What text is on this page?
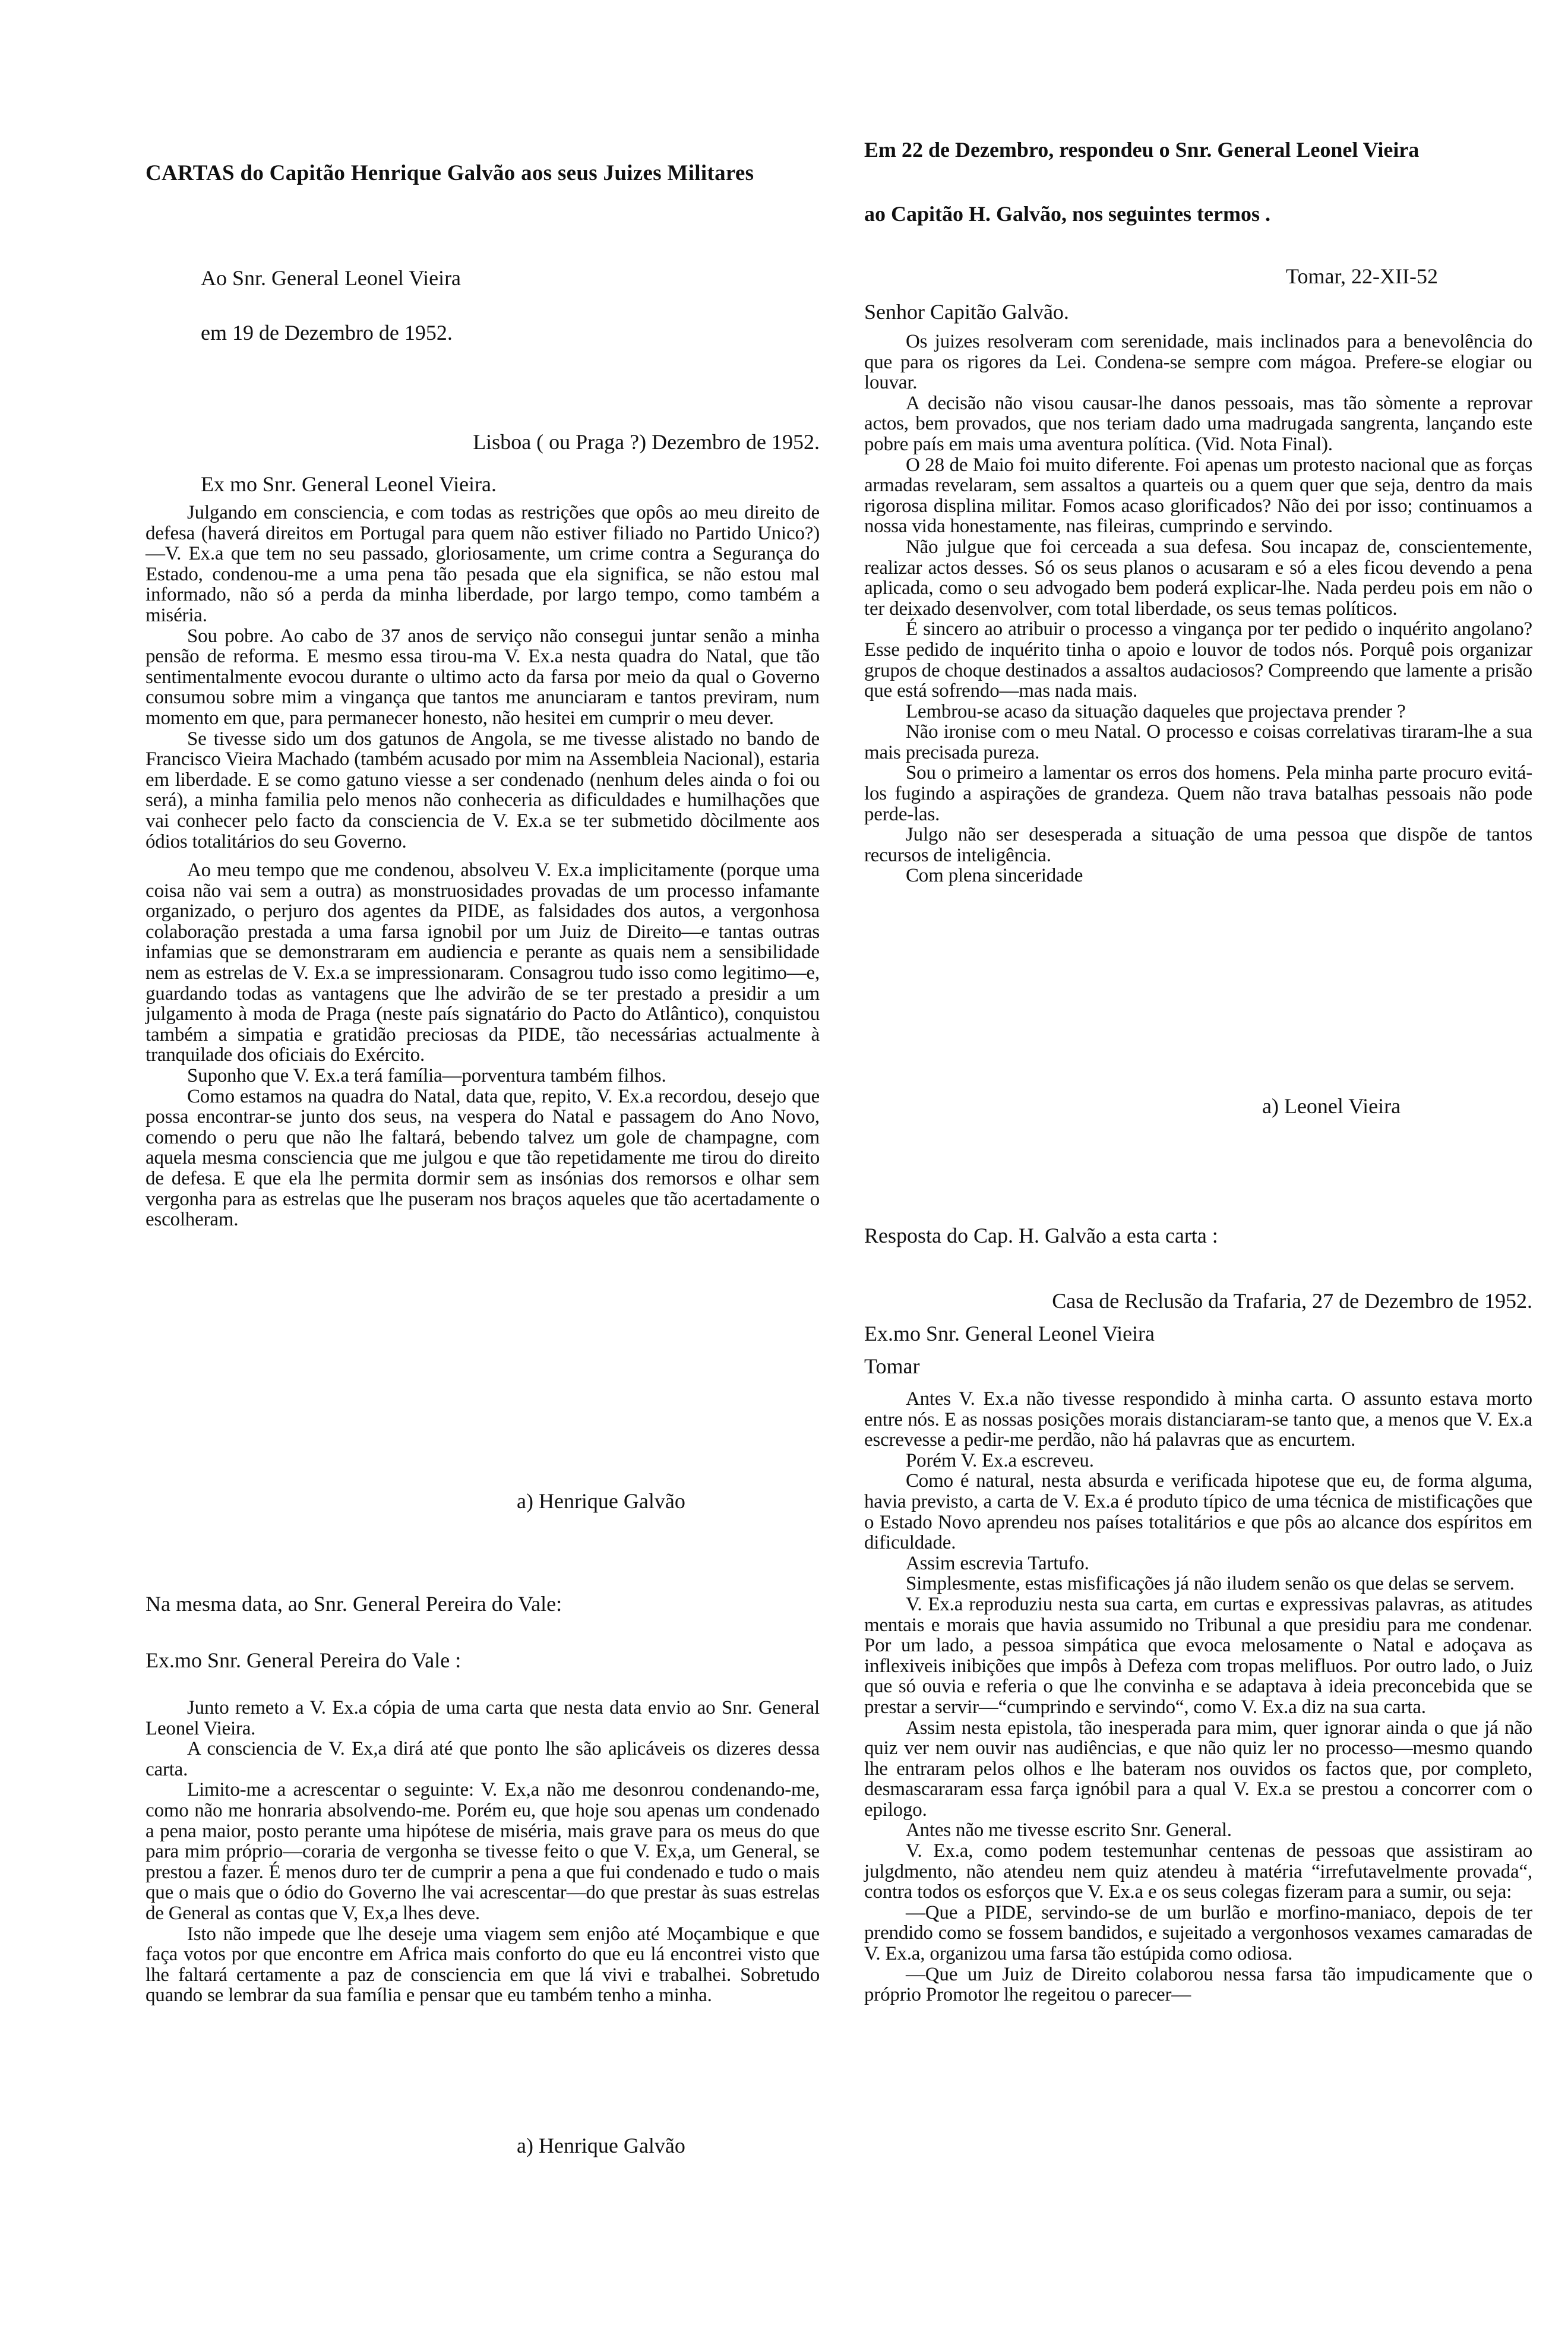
CARTAS do Capitão Henrique Galvão aos seus Juizes Militares
Ao Snr. General Leonel Vieira
em 19 de Dezembro de 1952.
Lisboa ( ou Praga ?) Dezembro de 1952.
Ex mo Snr. General Leonel Vieira.

Julgando em consciencia, e com todas as restrições que opôs ao meu direito de defesa (haverá direitos em Portugal para quem não estiver filiado no Partido Unico?)—V. Ex.a que tem no seu passado, gloriosamente, um crime contra a Segurança do Estado, condenou-me a uma pena tão pesada que ela significa, se não estou mal informado, não só a perda da minha liberdade, por largo tempo, como também a miséria.

Sou pobre. Ao cabo de 37 anos de serviço não consegui juntar senão a minha pensão de reforma. E mesmo essa tirou-ma V. Ex.a nesta quadra do Natal, que tão sentimentalmente evocou durante o ultimo acto da farsa por meio da qual o Governo consumou sobre mim a vingança que tantos me anunciaram e tantos previram, num momento em que, para permanecer honesto, não hesitei em cumprir o meu dever.

Se tivesse sido um dos gatunos de Angola, se me tivesse alistado no bando de Francisco Vieira Machado (também acusado por mim na Assembleia Nacional), estaria em liberdade. E se como gatuno viesse a ser condenado (nenhum deles ainda o foi ou será), a minha familia pelo menos não conheceria as dificuldades e humilhações que vai conhecer pelo facto da consciencia de V. Ex.a se ter submetido dòcilmente aos ódios totalitários do seu Governo.

Ao meu tempo que me condenou, absolveu V. Ex.a implicitamente (porque uma coisa não vai sem a outra) as monstruosidades provadas de um processo infamante organizado, o perjuro dos agentes da PIDE, as falsidades dos autos, a vergonhosa colaboração prestada a uma farsa ignobil por um Juiz de Direito—e tantas outras infamias que se demonstraram em audiencia e perante as quais nem a sensibilidade nem as estrelas de V. Ex.a se impressionaram. Consagrou tudo isso como legitimo—e, guardando todas as vantagens que lhe advirão de se ter prestado a presidir a um julgamento à moda de Praga (neste país signatário do Pacto do Atlântico), conquistou também a simpatia e gratidão preciosas da PIDE, tão necessárias actualmente à tranquilade dos oficiais do Exército.

Suponho que V. Ex.a terá família—porventura também filhos.

Como estamos na quadra do Natal, data que, repito, V. Ex.a recordou, desejo que possa encontrar-se junto dos seus, na vespera do Natal e passagem do Ano Novo, comendo o peru que não lhe faltará, bebendo talvez um gole de champagne, com aquela mesma consciencia que me julgou e que tão repetidamente me tirou do direito de defesa. E que ela lhe permita dormir sem as insónias dos remorsos e olhar sem vergonha para as estrelas que lhe puseram nos braços aqueles que tão acertadamente o escolheram.

a) Henrique Galvão
Na mesma data, ao Snr. General Pereira do Vale:
Ex.mo Snr. General Pereira do Vale :

Junto remeto a V. Ex.a cópia de uma carta que nesta data envio ao Snr. General Leonel Vieira.

A consciencia de V. Ex,a dirá até que ponto lhe são aplicáveis os dizeres dessa carta.

Limito-me a acrescentar o seguinte: V. Ex,a não me desonrou condenando-me, como não me honraria absolvendo-me. Porém eu, que hoje sou apenas um condenado a pena maior, posto perante uma hipótese de miséria, mais grave para os meus do que para mim próprio—coraria de vergonha se tivesse feito o que V. Ex,a, um General, se prestou a fazer. É menos duro ter de cumprir a pena a que fui condenado e tudo o mais que o mais que o ódio do Governo lhe vai acrescentar—do que prestar às suas estrelas de General as contas que V, Ex,a lhes deve.

Isto não impede que lhe deseje uma viagem sem enjôo até Moçambique e que faça votos por que encontre em Africa mais conforto do que eu lá encontrei visto que lhe faltará certamente a paz de consciencia em que lá vivi e trabalhei. Sobretudo quando se lembrar da sua família e pensar que eu também tenho a minha.

a) Henrique Galvão
Em 22 de Dezembro, respondeu o Snr. General Leonel Vieira
ao Capitão H. Galvão, nos seguintes termos .
Tomar, 22-XII-52
Senhor Capitão Galvão.

Os juizes resolveram com serenidade, mais inclinados para a benevolência do que para os rigores da Lei. Condena-se sempre com mágoa. Prefere-se elogiar ou louvar.

A decisão não visou causar-lhe danos pessoais, mas tão sòmente a reprovar actos, bem provados, que nos teriam dado uma madrugada sangrenta, lançando este pobre país em mais uma aventura política. (Vid. Nota Final).

O 28 de Maio foi muito diferente. Foi apenas um protesto nacional que as forças armadas revelaram, sem assaltos a quarteis ou a quem quer que seja, dentro da mais rigorosa displina militar. Fomos acaso glorificados? Não dei por isso; continuamos a nossa vida honestamente, nas fileiras, cumprindo e servindo.

Não julgue que foi cerceada a sua defesa. Sou incapaz de, conscientemente, realizar actos desses. Só os seus planos o acusaram e só a eles ficou devendo a pena aplicada, como o seu advogado bem poderá explicar-lhe. Nada perdeu pois em não o ter deixado desenvolver, com total liberdade, os seus temas políticos.

É sincero ao atribuir o processo a vingança por ter pedido o inquérito angolano? Esse pedido de inquérito tinha o apoio e louvor de todos nós. Porquê pois organizar grupos de choque destinados a assaltos audaciosos? Compreendo que lamente a prisão que está sofrendo—mas nada mais.

Lembrou-se acaso da situação daqueles que projectava prender ?

Não ironise com o meu Natal. O processo e coisas correlativas tiraram-lhe a sua mais precisada pureza.

Sou o primeiro a lamentar os erros dos homens. Pela minha parte procuro evitá-los fugindo a aspirações de grandeza. Quem não trava batalhas pessoais não pode perde-las.

Julgo não ser desesperada a situação de uma pessoa que dispõe de tantos recursos de inteligência.

Com plena sinceridade

a) Leonel Vieira
Resposta do Cap. H. Galvão a esta carta :
Casa de Reclusão da Trafaria, 27 de Dezembro de 1952.
Ex.mo Snr. General Leonel Vieira
Tomar

Antes V. Ex.a não tivesse respondido à minha carta. O assunto estava morto entre nós. E as nossas posições morais distanciaram-se tanto que, a menos que V. Ex.a escrevesse a pedir-me perdão, não há palavras que as encurtem.

Porém V. Ex.a escreveu.

Como é natural, nesta absurda e verificada hipotese que eu, de forma alguma, havia previsto, a carta de V. Ex.a é produto típico de uma técnica de mistificações que o Estado Novo aprendeu nos países totalitários e que pôs ao alcance dos espíritos em dificuldade.

Assim escrevia Tartufo.

Simplesmente, estas misfificações já não iludem senão os que delas se servem.

V. Ex.a reproduziu nesta sua carta, em curtas e expressivas palavras, as atitudes mentais e morais que havia assumido no Tribunal a que presidiu para me condenar. Por um lado, a pessoa simpática que evoca melosamente o Natal e adoçava as inflexiveis inibições que impôs à Defeza com tropas melifluos. Por outro lado, o Juiz que só ouvia e referia o que lhe convinha e se adaptava à ideia preconcebida que se prestar a servir—“cumprindo e servindo“, como V. Ex.a diz na sua carta.

Assim nesta epistola, tão inesperada para mim, quer ignorar ainda o que já não quiz ver nem ouvir nas audiências, e que não quiz ler no processo—mesmo quando lhe entraram pelos olhos e lhe bateram nos ouvidos os factos que, por completo, desmascararam essa farça ignóbil para a qual V. Ex.a se prestou a concorrer com o epilogo.

Antes não me tivesse escrito Snr. General.

V. Ex.a, como podem testemunhar centenas de pessoas que assistiram ao julgdmento, não atendeu nem quiz atendeu à matéria “irrefutavelmente provada“, contra todos os esforços que V. Ex.a e os seus colegas fizeram para a sumir, ou seja:

—Que a PIDE, servindo-se de um burlão e morfino-maniaco, depois de ter prendido como se fossem bandidos, e sujeitado a vergonhosos vexames camaradas de V. Ex.a, organizou uma farsa tão estúpida como odiosa.

—Que um Juiz de Direito colaborou nessa farsa tão impudicamente que o próprio Promotor lhe regeitou o parecer—
